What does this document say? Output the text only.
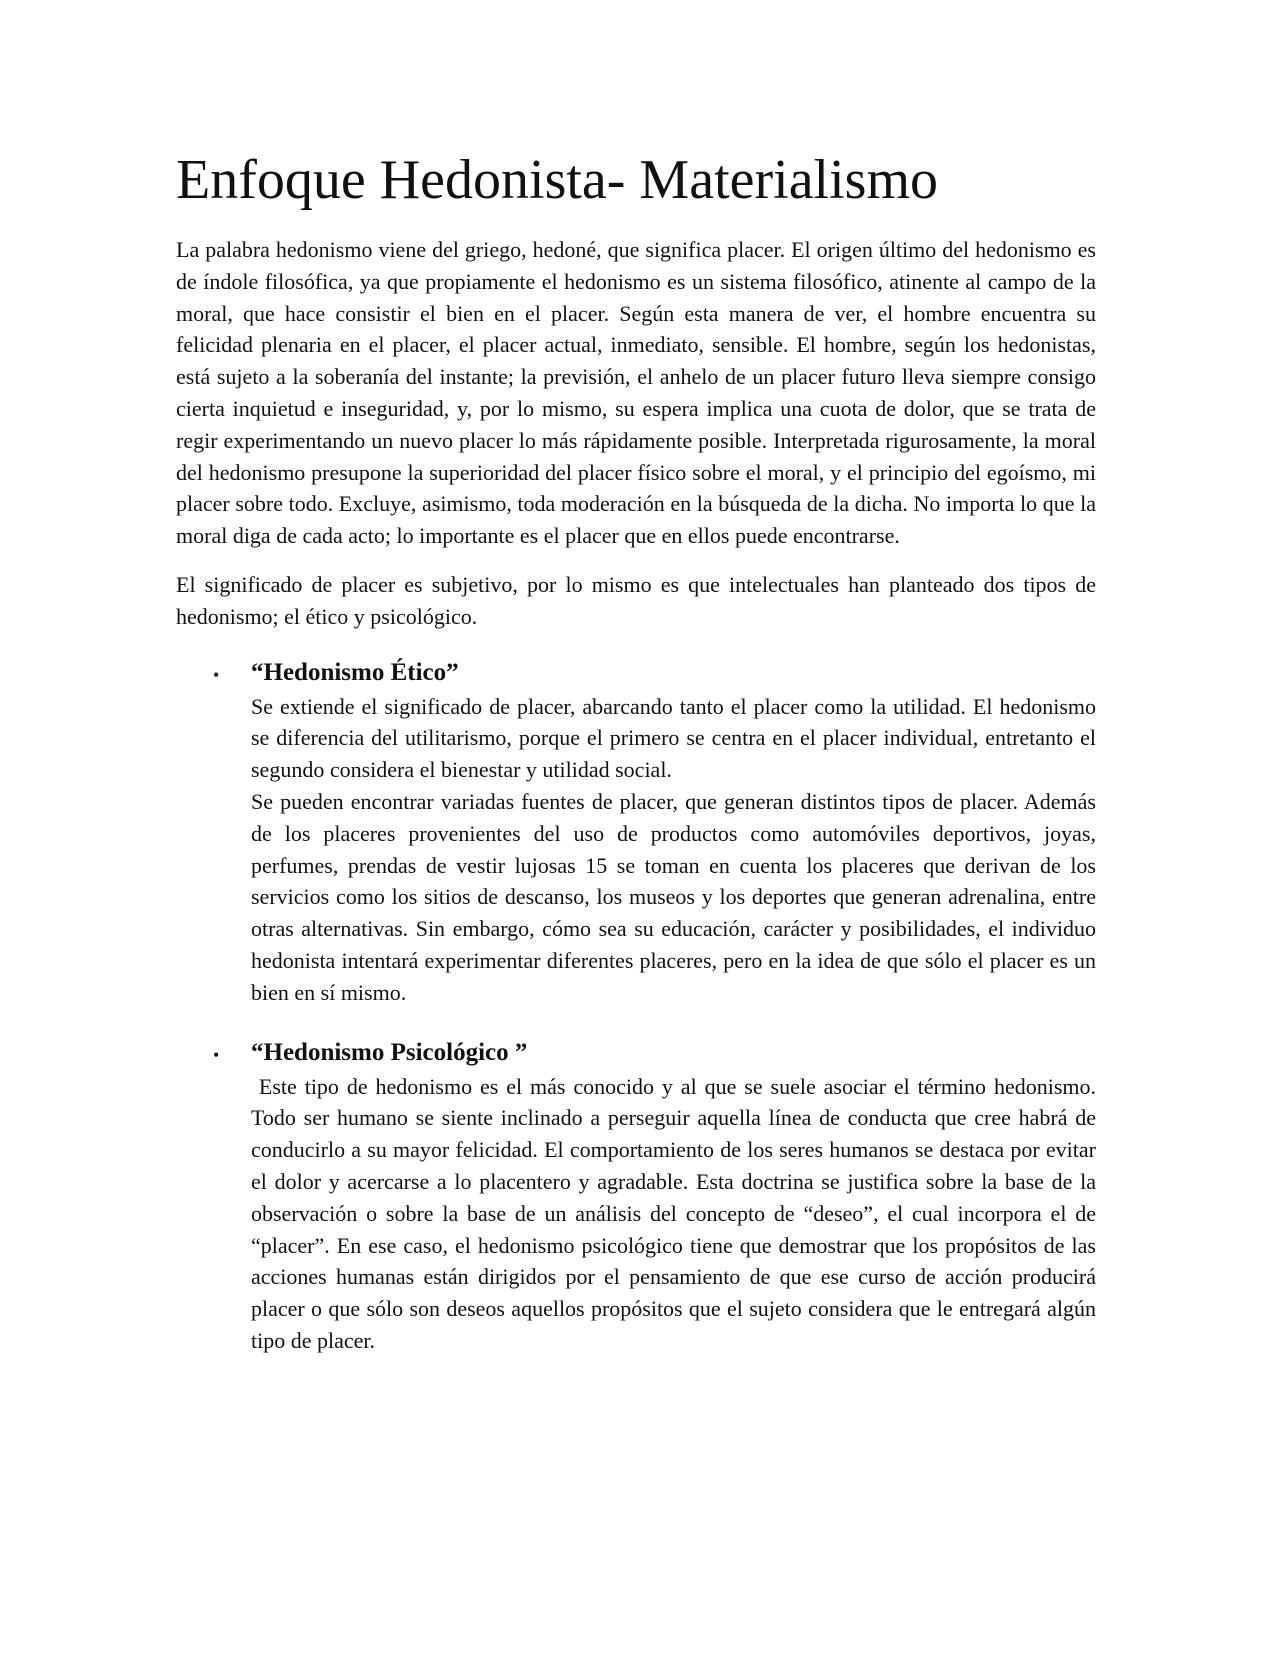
Enfoque Hedonista- Materialismo

La palabra hedonismo viene del griego, hedoné, que significa placer. El origen último del hedonismo es de índole filosófica, ya que propiamente el hedonismo es un sistema filosófico, atinente al campo de la moral, que hace consistir el bien en el placer. Según esta manera de ver, el hombre encuentra su felicidad plenaria en el placer, el placer actual, inmediato, sensible. El hombre, según los hedonistas, está sujeto a la soberanía del instante; la previsión, el anhelo de un placer futuro lleva siempre consigo cierta inquietud e inseguridad, y, por lo mismo, su espera implica una cuota de dolor, que se trata de regir experimentando un nuevo placer lo más rápidamente posible. Interpretada rigurosamente, la moral del hedonismo presupone la superioridad del placer físico sobre el moral, y el principio del egoísmo, mi placer sobre todo. Excluye, asimismo, toda moderación en la búsqueda de la dicha. No importa lo que la moral diga de cada acto; lo importante es el placer que en ellos puede encontrarse.

El significado de placer es subjetivo, por lo mismo es que intelectuales han planteado dos tipos de hedonismo; el ético y psicológico.

• “Hedonismo Ético”

Se extiende el significado de placer, abarcando tanto el placer como la utilidad. El hedonismo se diferencia del utilitarismo, porque el primero se centra en el placer individual, entretanto el segundo considera el bienestar y utilidad social.

Se pueden encontrar variadas fuentes de placer, que generan distintos tipos de placer. Además de los placeres provenientes del uso de productos como automóviles deportivos, joyas, perfumes, prendas de vestir lujosas 15 se toman en cuenta los placeres que derivan de los servicios como los sitios de descanso, los museos y los deportes que generan adrenalina, entre otras alternativas. Sin embargo, cómo sea su educación, carácter y posibilidades, el individuo hedonista intentará experimentar diferentes placeres, pero en la idea de que sólo el placer es un bien en sí mismo.

• “Hedonismo Psicológico ”

Este tipo de hedonismo es el más conocido y al que se suele asociar el término hedonismo. Todo ser humano se siente inclinado a perseguir aquella línea de conducta que cree habrá de conducirlo a su mayor felicidad. El comportamiento de los seres humanos se destaca por evitar el dolor y acercarse a lo placentero y agradable. Esta doctrina se justifica sobre la base de la observación o sobre la base de un análisis del concepto de “deseo”, el cual incorpora el de “placer”. En ese caso, el hedonismo psicológico tiene que demostrar que los propósitos de las acciones humanas están dirigidos por el pensamiento de que ese curso de acción producirá placer o que sólo son deseos aquellos propósitos que el sujeto considera que le entregará algún tipo de placer.
